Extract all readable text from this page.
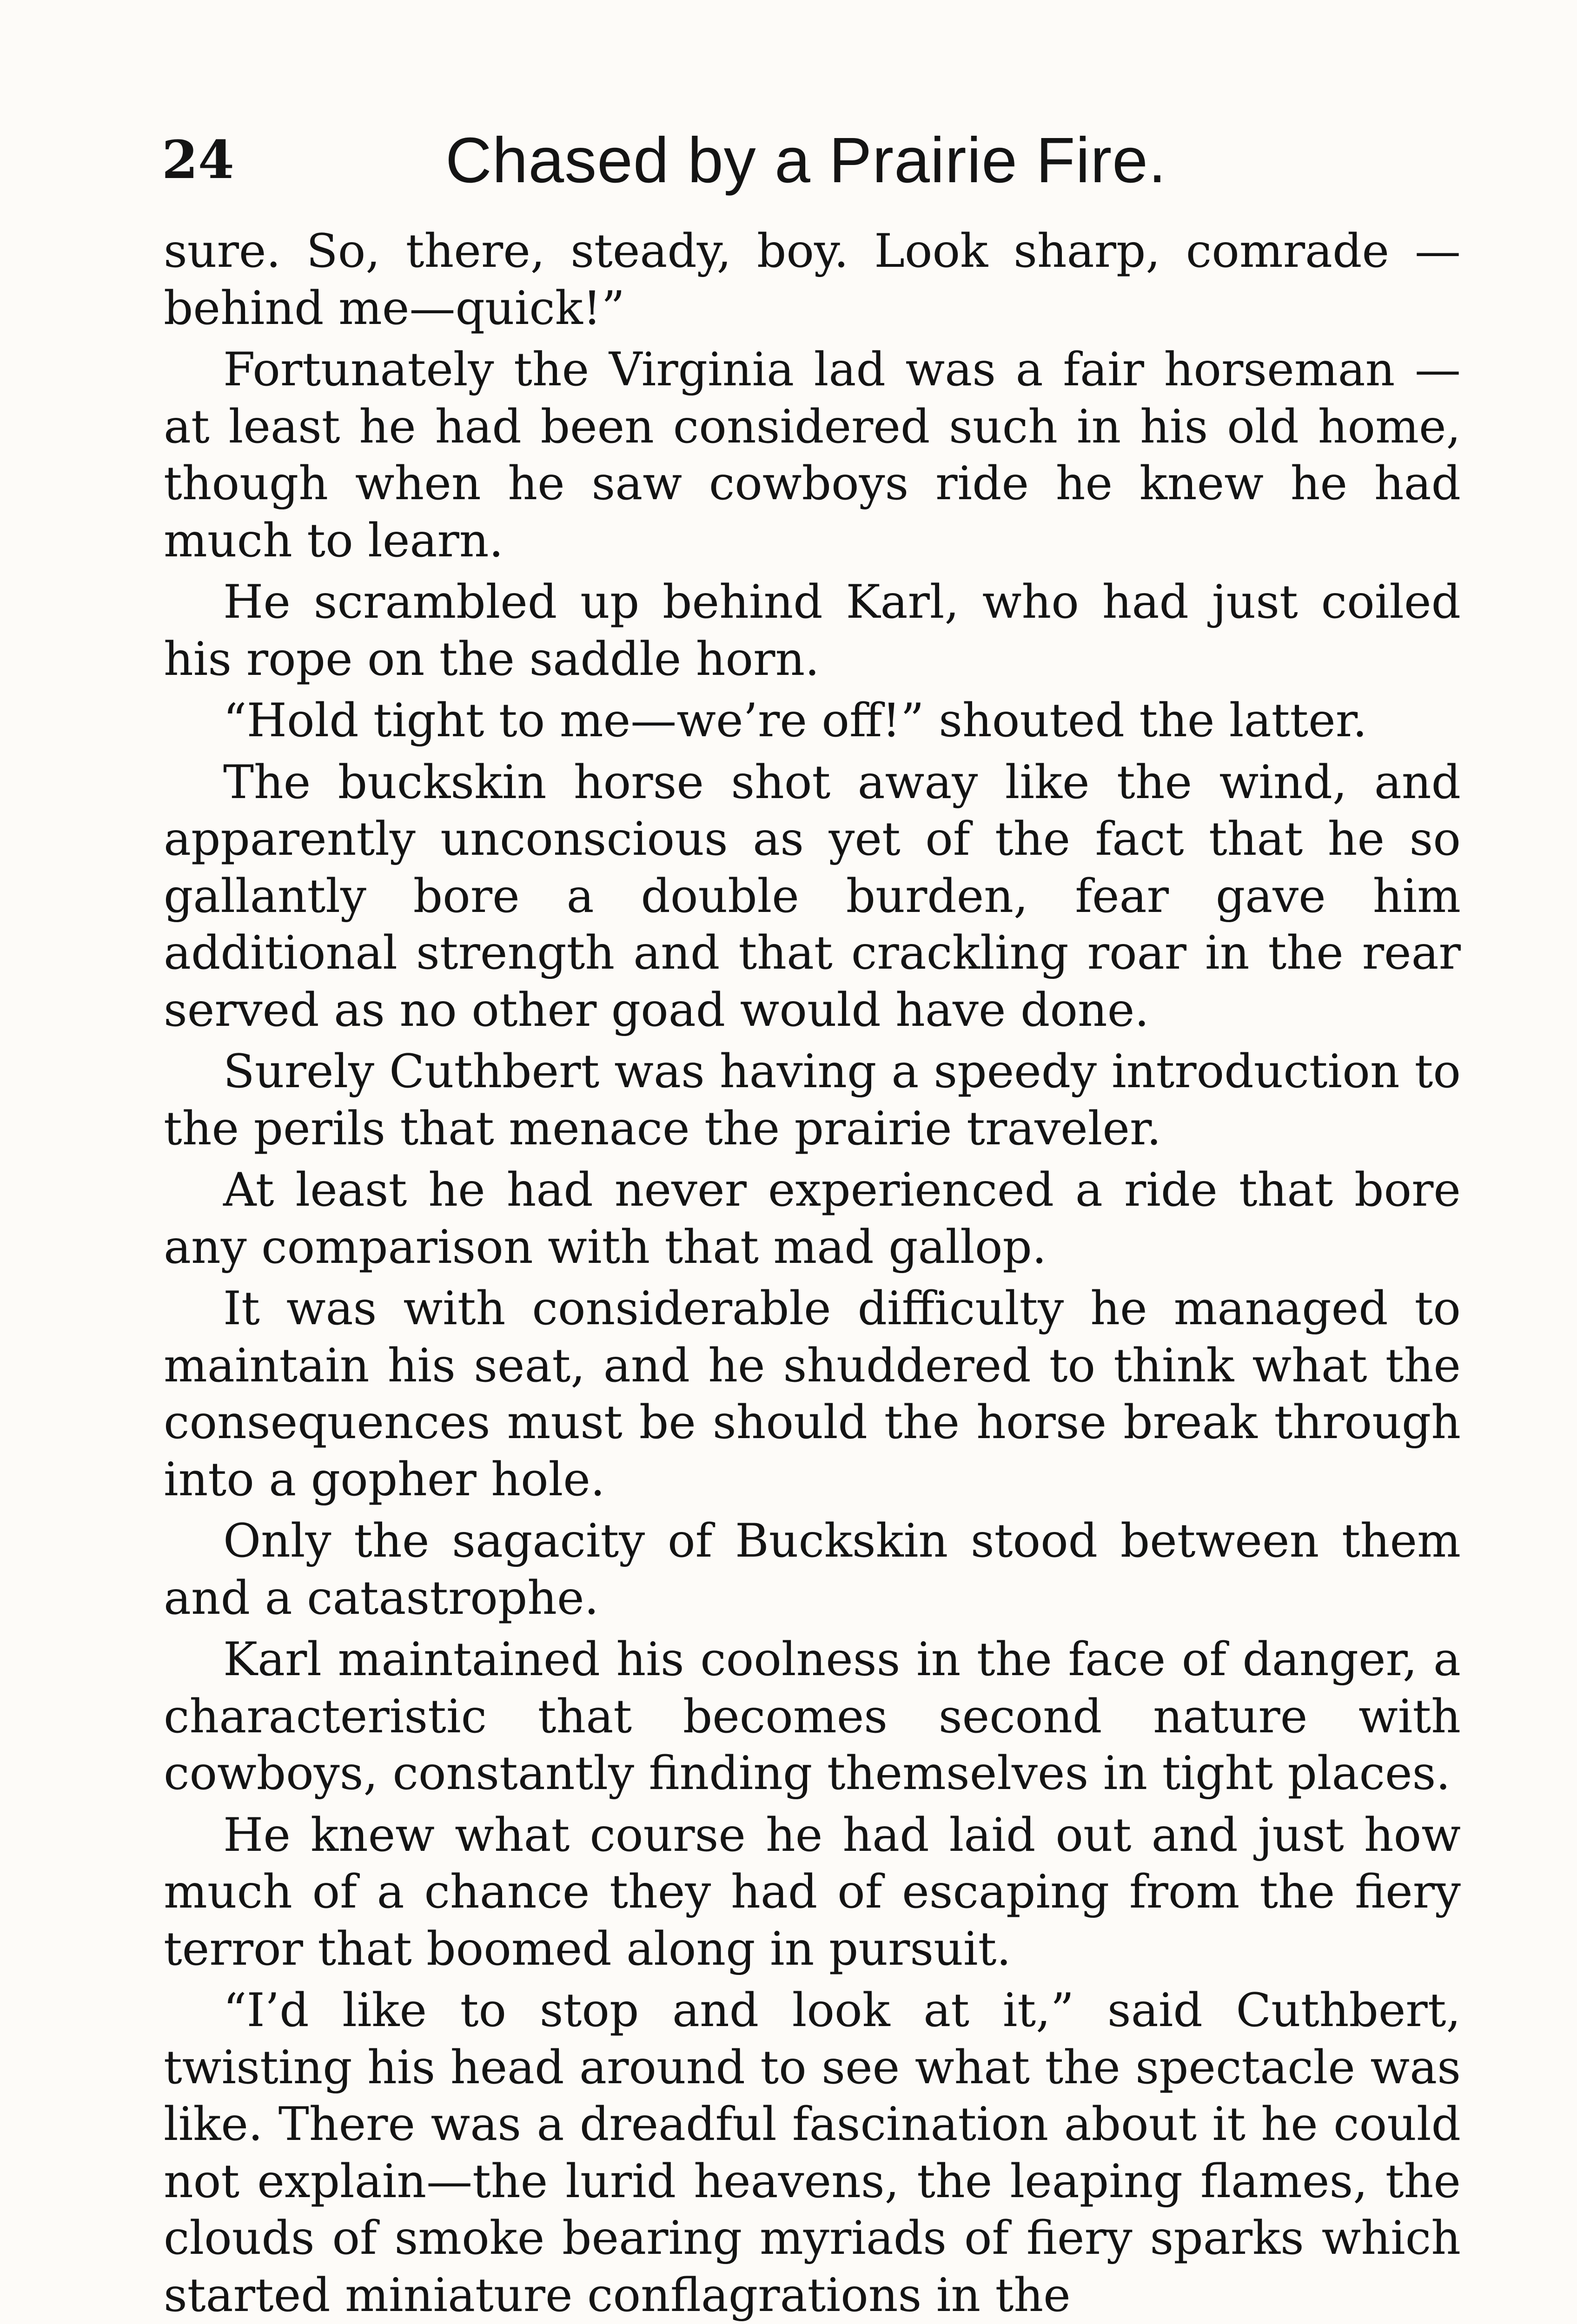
24	Chased by a Prairie Fire.

sure. So, there, steady, boy. Look sharp, comrade —behind me—quick!”

Fortunately the Virginia lad was a fair horseman —at least he had been considered such in his old home, though when he saw cowboys ride he knew he had much to learn.

He scrambled up behind Karl, who had just coiled his rope on the saddle horn.

“Hold tight to me—we’re off!” shouted the latter.

The buckskin horse shot away like the wind, and apparently unconscious as yet of the fact that he so gallantly bore a double burden, fear gave him additional strength and that crackling roar in the rear served as no other goad would have done.

Surely Cuthbert was having a speedy introduction to the perils that menace the prairie traveler.

At least he had never experienced a ride that bore any comparison with that mad gallop.

It was with considerable difficulty he managed to maintain his seat, and he shuddered to think what the consequences must be should the horse break through into a gopher hole.

Only the sagacity of Buckskin stood between them and a catastrophe.

Karl maintained his coolness in the face of danger, a characteristic that becomes second nature with cowboys, constantly finding themselves in tight places.

He knew what course he had laid out and just how much of a chance they had of escaping from the fiery terror that boomed along in pursuit.

“I’d like to stop and look at it,” said Cuthbert, twisting his head around to see what the spectacle was like. There was a dreadful fascination about it he could not explain—the lurid heavens, the leaping flames, the clouds of smoke bearing myriads of fiery sparks which started miniature conflagrations in the
